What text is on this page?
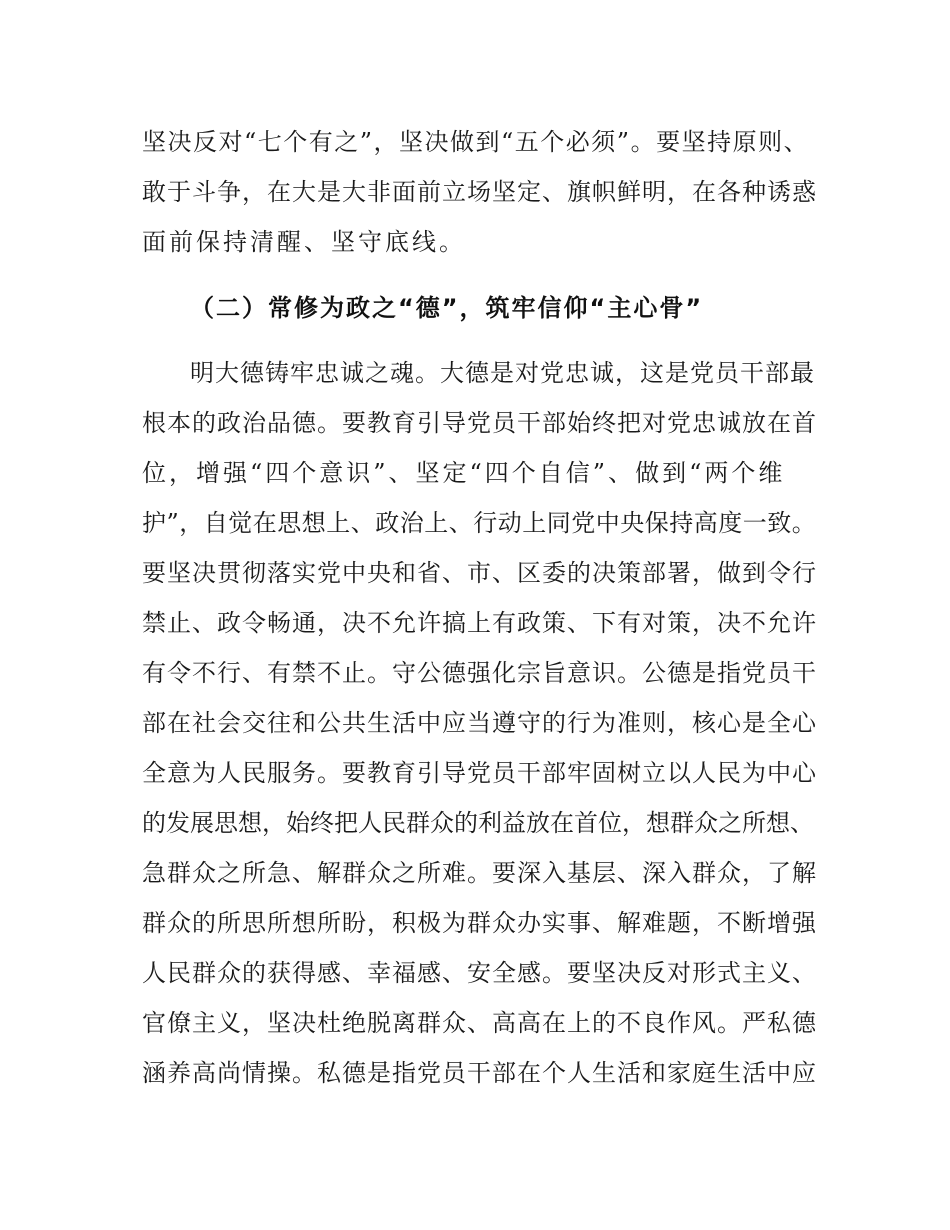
坚决反对“七个有之”，坚决做到“五个必须”。要坚持原则、
敢于斗争，在大是大非面前立场坚定、旗帜鲜明，在各种诱惑
面前保持清醒、坚守底线。
（二）常修为政之“德”，筑牢信仰“主心骨”
明大德铸牢忠诚之魂。大德是对党忠诚，这是党员干部最
根本的政治品德。要教育引导党员干部始终把对党忠诚放在首
位，增强“四个意识”、坚定“四个自信”、做到“两个维
护”，自觉在思想上、政治上、行动上同党中央保持高度一致。
要坚决贯彻落实党中央和省、市、区委的决策部署，做到令行
禁止、政令畅通，决不允许搞上有政策、下有对策，决不允许
有令不行、有禁不止。守公德强化宗旨意识。公德是指党员干
部在社会交往和公共生活中应当遵守的行为准则，核心是全心
全意为人民服务。要教育引导党员干部牢固树立以人民为中心
的发展思想，始终把人民群众的利益放在首位，想群众之所想、
急群众之所急、解群众之所难。要深入基层、深入群众，了解
群众的所思所想所盼，积极为群众办实事、解难题，不断增强
人民群众的获得感、幸福感、安全感。要坚决反对形式主义、
官僚主义，坚决杜绝脱离群众、高高在上的不良作风。严私德
涵养高尚情操。私德是指党员干部在个人生活和家庭生活中应
